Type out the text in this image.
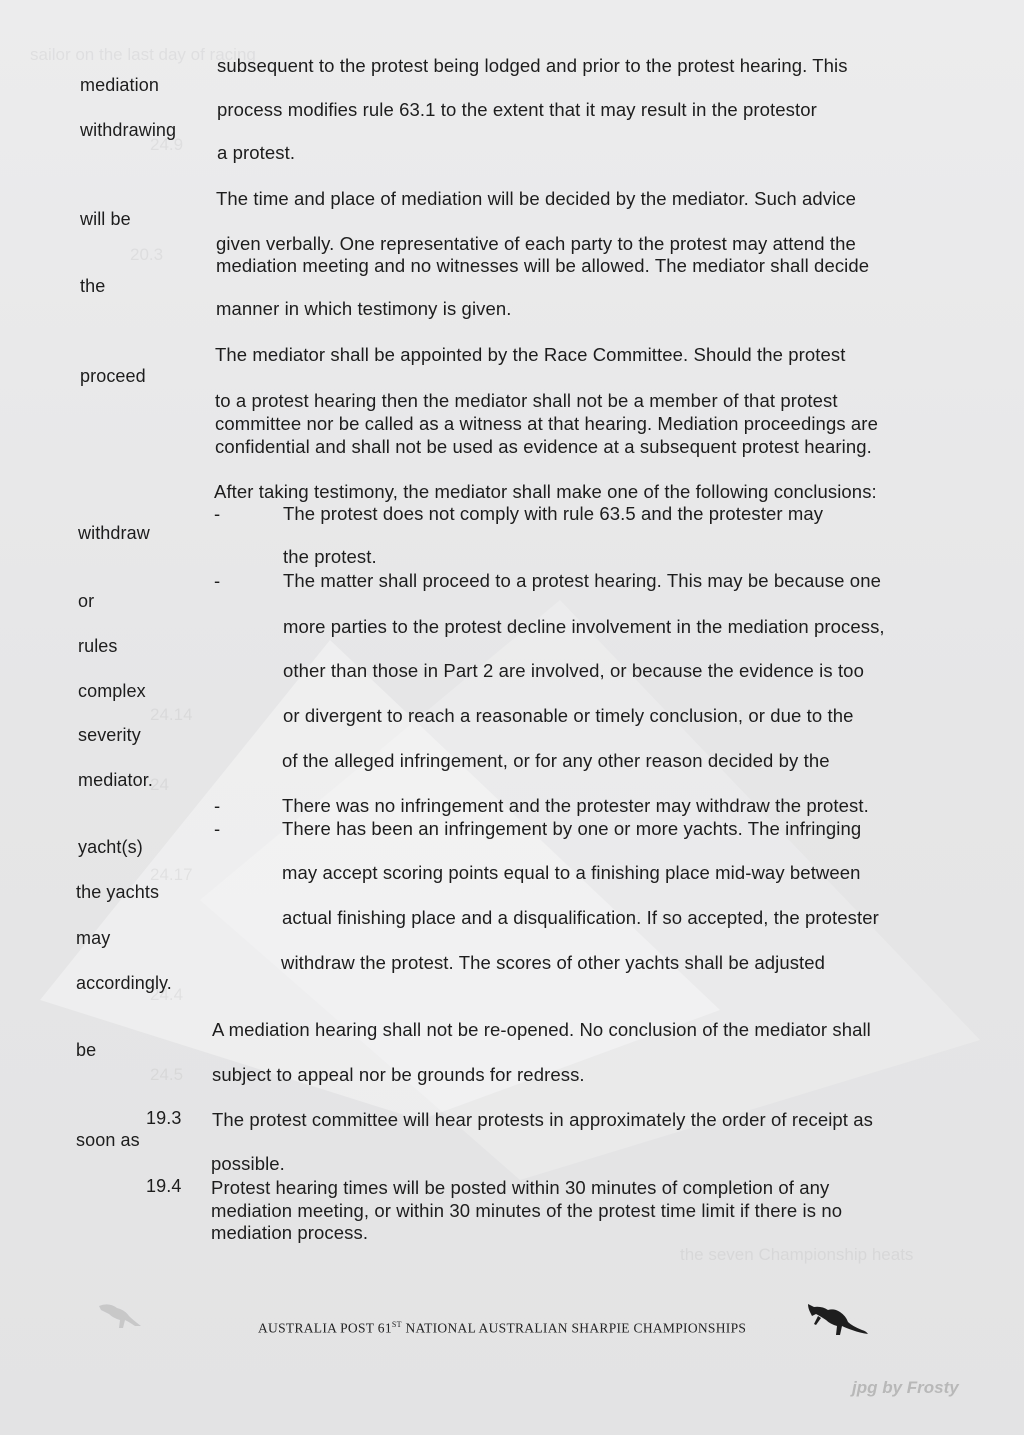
sailor on the last day of racing
24.9
20.3
24.14
24
24.17
24.4
24.5
the seven Championship heats
mediation
withdrawing
will be
the
proceed
withdraw
or
rules
complex
severity
mediator.
yacht(s)
the yachts
may
accordingly.
be
soon as
subsequent to the protest being lodged and prior to the protest hearing. This
process modifies rule 63.1 to the extent that it may result in the protestor
a protest.
The time and place of mediation will be decided by the mediator. Such advice
given verbally. One representative of each party to the protest may attend the
mediation meeting and no witnesses will be allowed. The mediator shall decide
manner in which testimony is given.
The mediator shall be appointed by the Race Committee. Should the protest
to a protest hearing then the mediator shall not be a member of that protest
committee nor be called as a witness at that hearing. Mediation proceedings are
confidential and shall not be used as evidence at a subsequent protest hearing.
After taking testimony, the mediator shall make one of the following conclusions:
-	The protest does not comply with rule 63.5 and the protester may
the protest.
-	The matter shall proceed to a protest hearing. This may be because one
more parties to the protest decline involvement in the mediation process,
other than those in Part 2 are involved, or because the evidence is too
or divergent to reach a reasonable or timely conclusion, or due to the
of the alleged infringement, or for any other reason decided by the
-	There was no infringement and the protester may withdraw the protest.
-	There has been an infringement by one or more yachts. The infringing
may accept scoring points equal to a finishing place mid-way between
actual finishing place and a disqualification. If so accepted, the protester
withdraw the protest. The scores of other yachts shall be adjusted
A mediation hearing shall not be re-opened. No conclusion of the mediator shall
subject to appeal nor be grounds for redress.
19.3 The protest committee will hear protests in approximately the order of receipt as
possible.
19.4 Protest hearing times will be posted within 30 minutes of completion of any
mediation meeting, or within 30 minutes of the protest time limit if there is no
mediation process.
AUSTRALIA POST 61ST NATIONAL AUSTRALIAN SHARPIE CHAMPIONSHIPS
jpg by Frosty
